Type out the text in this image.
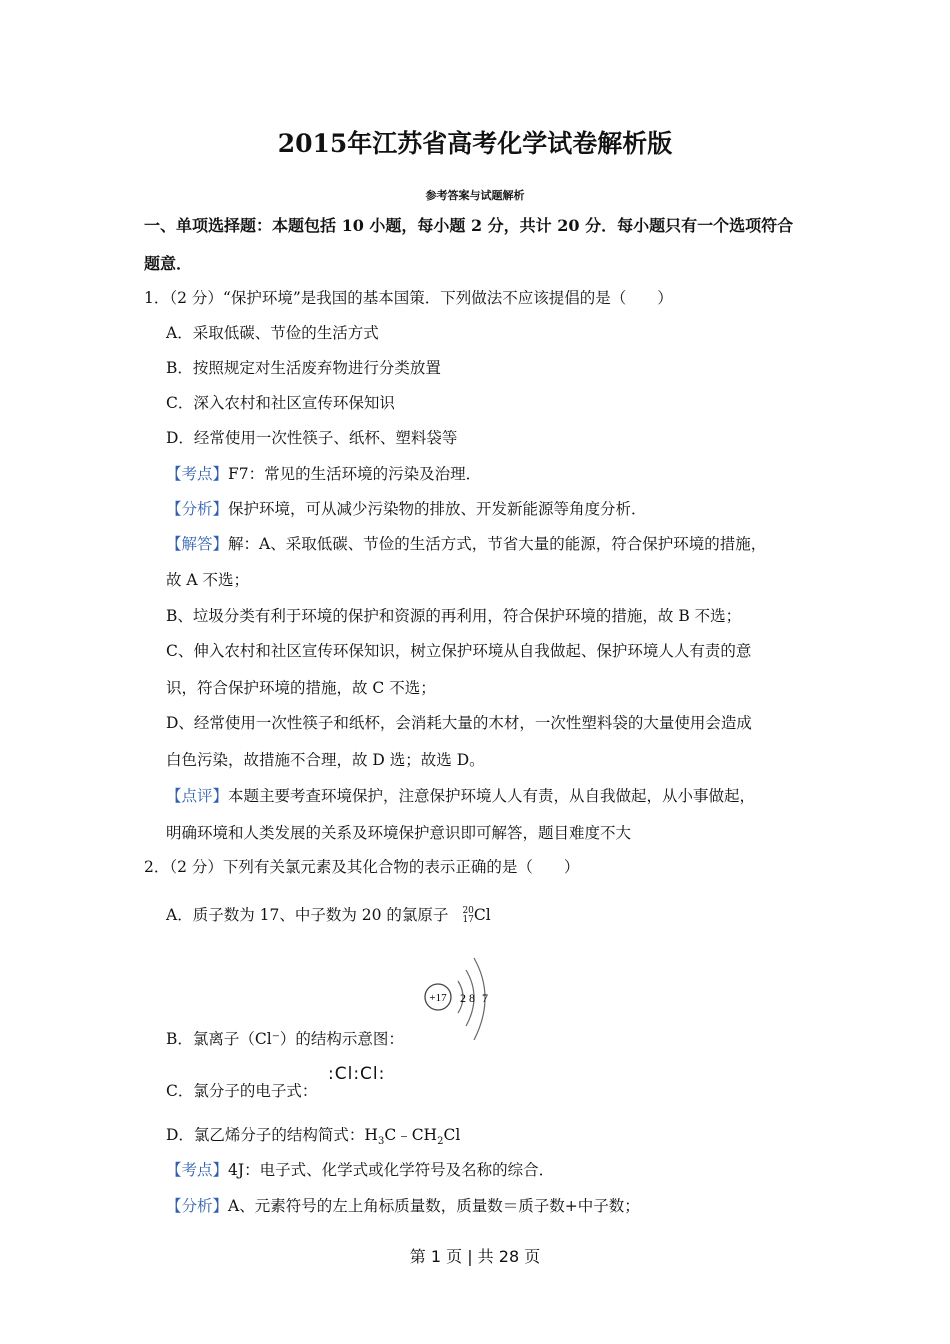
2015年江苏省高考化学试卷解析版
参考答案与试题解析
一、单项选择题：本题包括 10 小题，每小题 2 分，共计 20 分．每小题只有一个选项符合
题意．
1．（2 分）“保护环境”是我国的基本国策．下列做法不应该提倡的是（　　）
A．采取低碳、节俭的生活方式
B．按照规定对生活废弃物进行分类放置
C．深入农村和社区宣传环保知识
D．经常使用一次性筷子、纸杯、塑料袋等
【考点】F7：常见的生活环境的污染及治理．
【分析】保护环境，可从减少污染物的排放、开发新能源等角度分析．
【解答】解：A、采取低碳、节俭的生活方式，节省大量的能源，符合保护环境的措施，
故 A 不选；
B、垃圾分类有利于环境的保护和资源的再利用，符合保护环境的措施，故 B 不选；
C、伸入农村和社区宣传环保知识，树立保护环境从自我做起、保护环境人人有责的意
识，符合保护环境的措施，故 C 不选；
D、经常使用一次性筷子和纸杯，会消耗大量的木材，一次性塑料袋的大量使用会造成
白色污染，故措施不合理，故 D 选；故选 D。
【点评】本题主要考查环境保护，注意保护环境人人有责，从自我做起，从小事做起，
明确环境和人类发展的关系及环境保护意识即可解答，题目难度不大
2．（2 分）下列有关氯元素及其化合物的表示正确的是（　　）
A．质子数为 17、中子数为 20 的氯原子 20
17 Cl
+17 2 8 7
B．氯离子（Cl⁻）的结构示意图：
C．氯分子的电子式：
:Cl:Cl:
D．氯乙烯分子的结构简式：$H_3C﹣CH_2Cl$
【考点】4J：电子式、化学式或化学符号及名称的综合．
【分析】A、元素符号的左上角标质量数，质量数＝质子数+中子数；
第 1 页 | 共 28 页
